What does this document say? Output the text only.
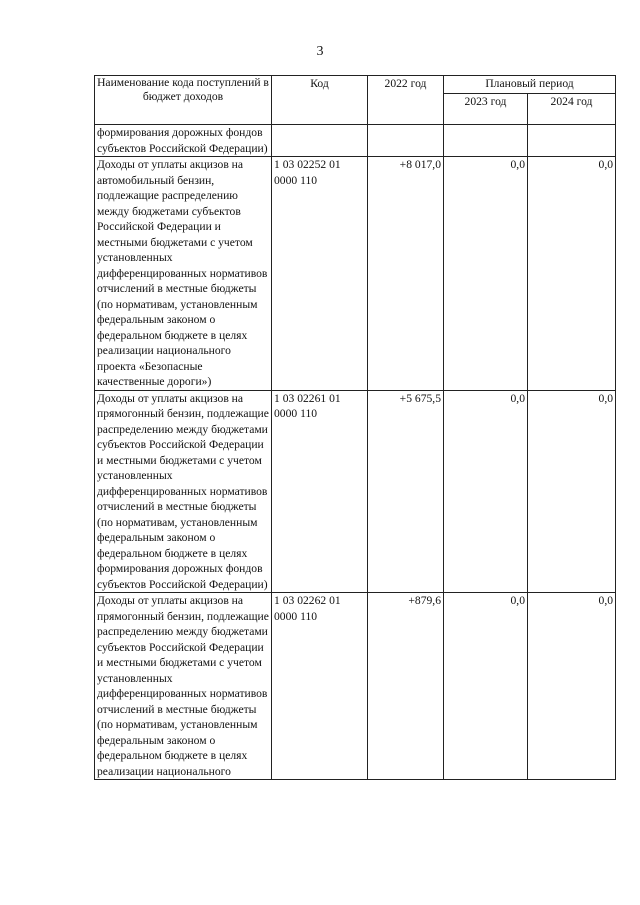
3
Наименование кода поступлений в бюджет доходов	Код	2022 год	Плановый период	
			2023 год	2024 год
формирования дорожных фондов субъектов Российской Федерации)				
Доходы от уплаты акцизов на автомобильный бензин, подлежащие распределению между бюджетами субъектов Российской Федерации и местными бюджетами с учетом установленных дифференцированных нормативов отчислений в местные бюджеты (по нормативам, установленным федеральным законом о федеральном бюджете в целях реализации национального проекта «Безопасные качественные дороги»)	1 03 02252 01 0000 110	+8 017,0	0,0	0,0
Доходы от уплаты акцизов на прямогонный бензин, подлежащие распределению между бюджетами субъектов Российской Федерации и местными бюджетами с учетом установленных дифференцированных нормативов отчислений в местные бюджеты (по нормативам, установленным федеральным законом о федеральном бюджете в целях формирования дорожных фондов субъектов Российской Федерации)	1 03 02261 01 0000 110	+5 675,5	0,0	0,0
Доходы от уплаты акцизов на прямогонный бензин, подлежащие распределению между бюджетами субъектов Российской Федерации и местными бюджетами с учетом установленных дифференцированных нормативов отчислений в местные бюджеты (по нормативам, установленным федеральным законом о федеральном бюджете в целях реализации национального	1 03 02262 01 0000 110	+879,6	0,0	0,0
